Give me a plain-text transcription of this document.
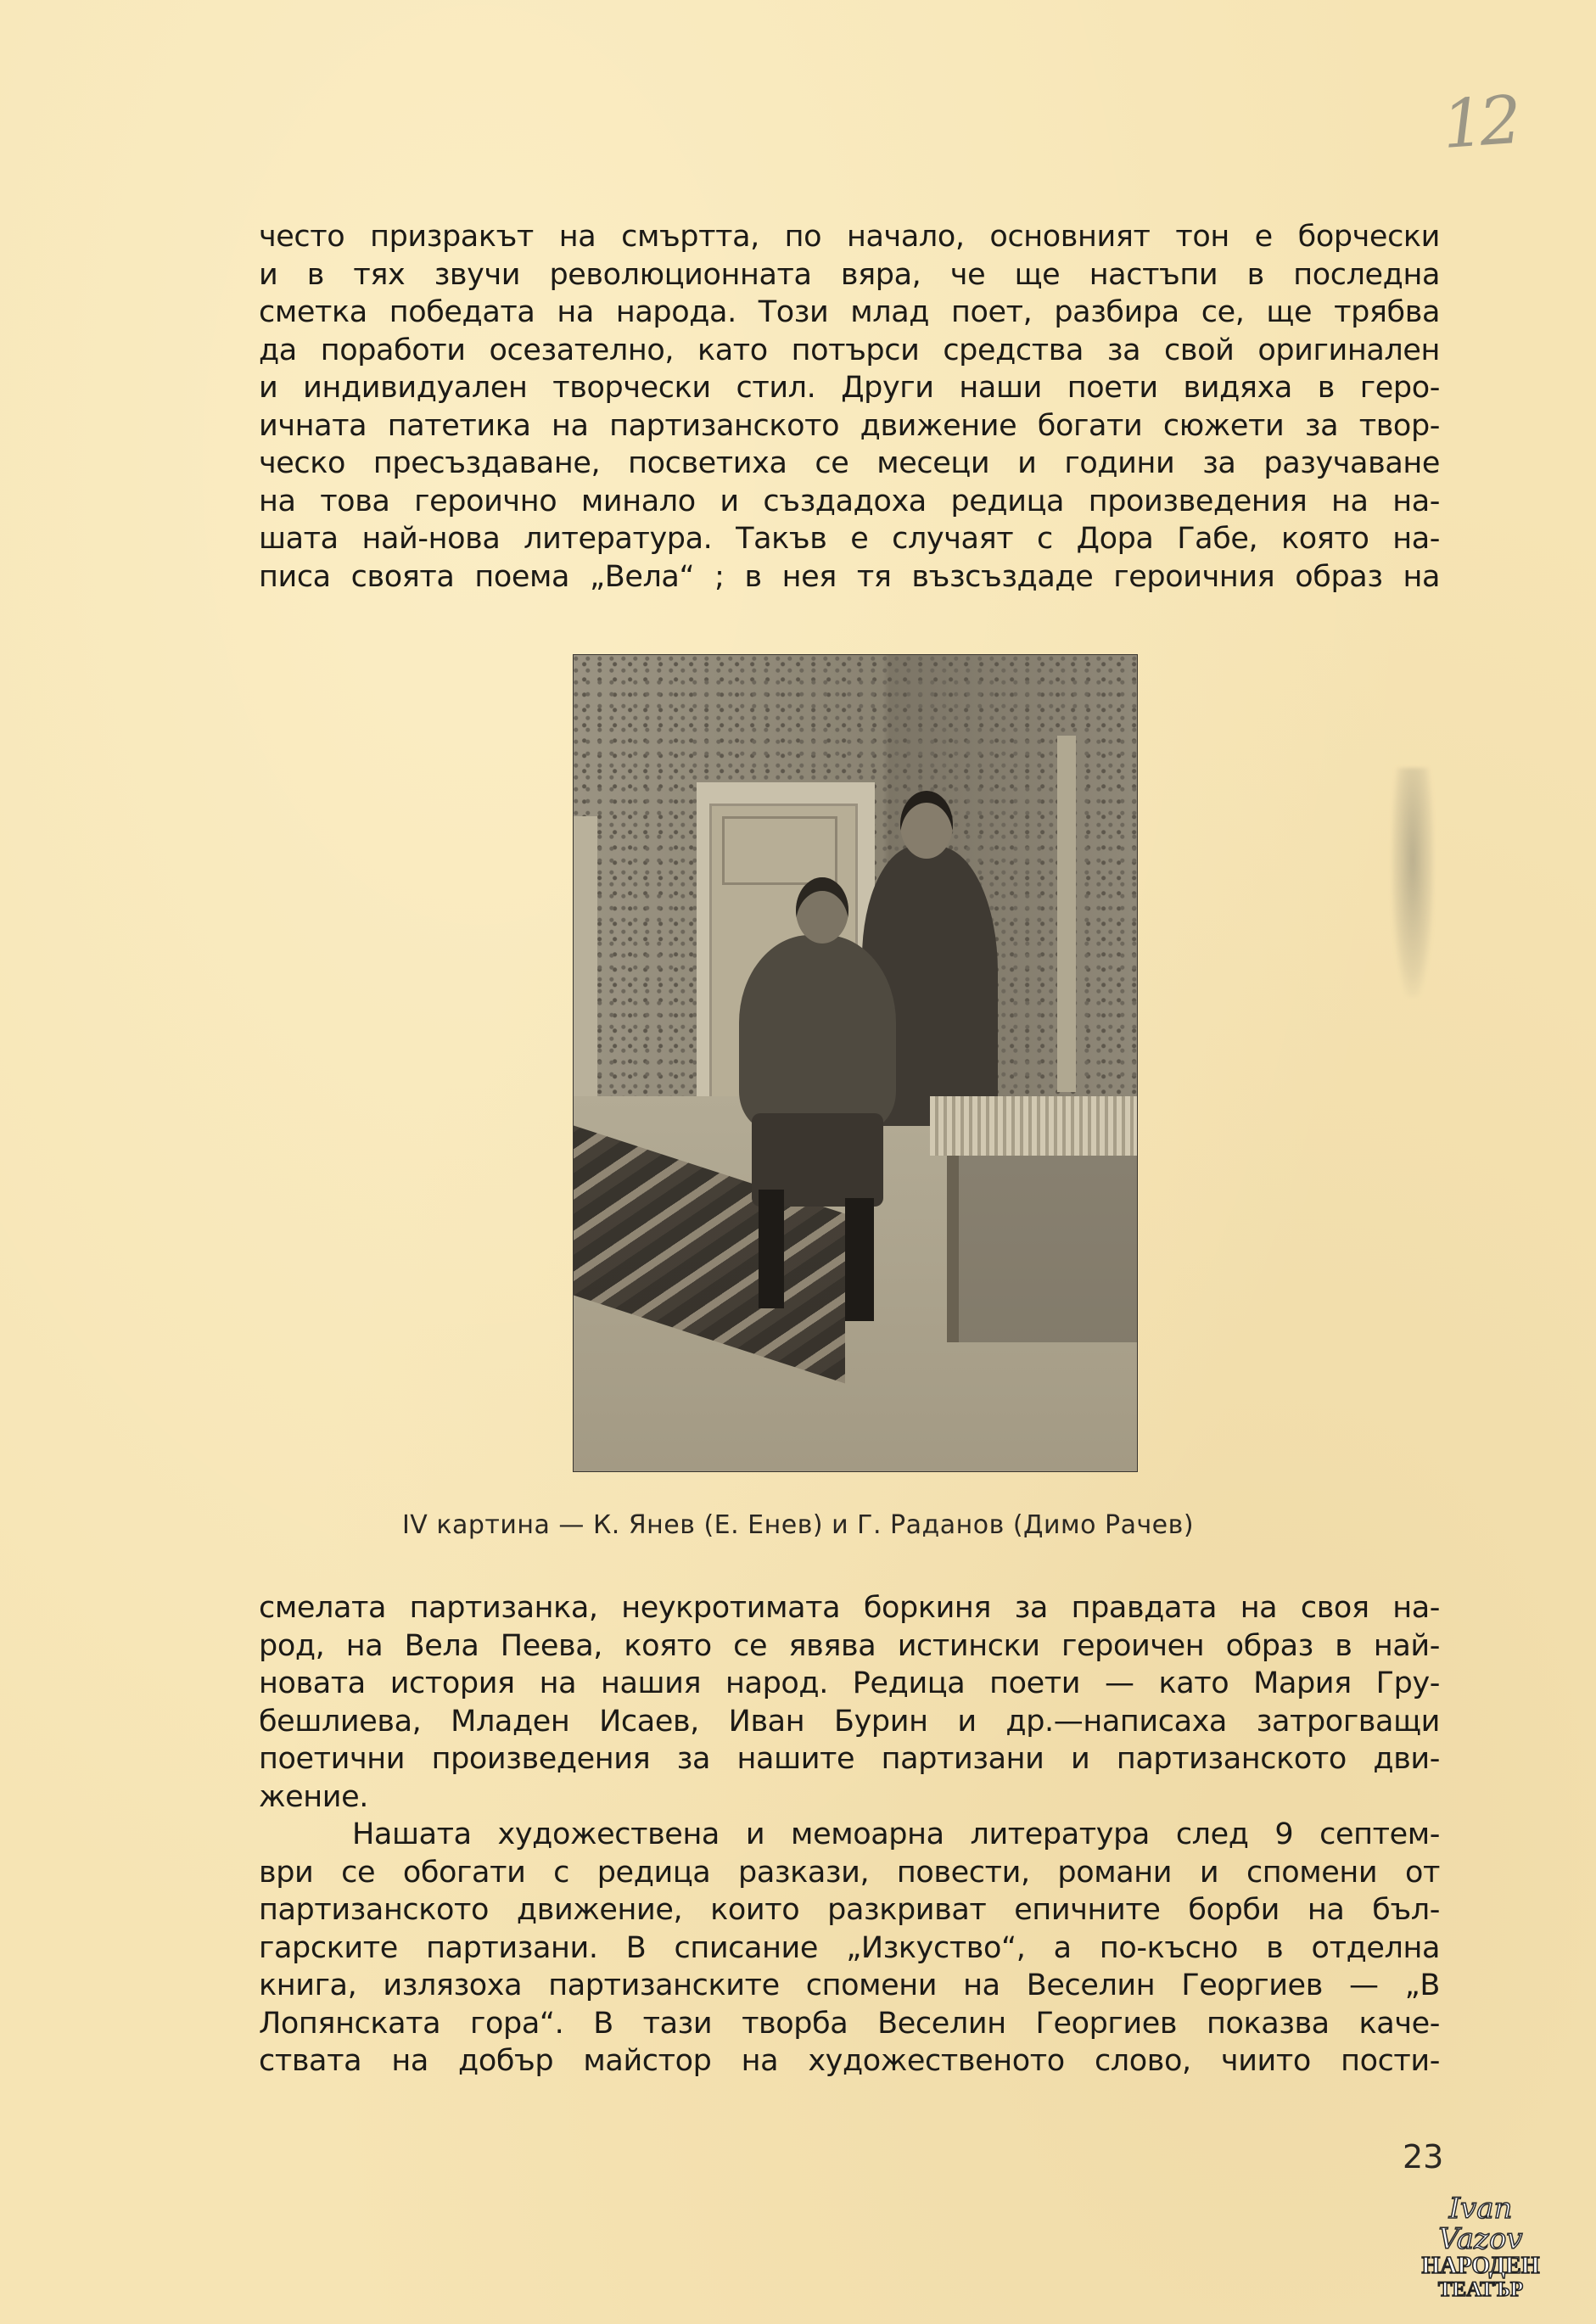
12
често призракът на смъртта, по начало, основният тон е борчески
и в тях звучи революционната вяра, че ще настъпи в последна
сметка победата на народа. Този млад поет, разбира се, ще трябва
да поработи осезателно, като потърси средства за свой оригинален
и индивидуален творчески стил. Други наши поети видяха в геро-
ичната патетика на партизанското движение богати сюжети за твор-
ческо пресъздаване, посветиха се месеци и години за разучаване
на това героично минало и създадоха редица произведения на на-
шата най-нова литература. Такъв е случаят с Дора Габе, която на-
писа своята поема „Вела“ ; в нея тя възсъздаде героичния образ на
IV картина — К. Янев (Е. Енев) и Г. Раданов (Димо Рачев)
смелата партизанка, неукротимата боркиня за правдата на своя на-
род, на Вела Пеева, която се явява истински героичен образ в най-
новата история на нашия народ. Редица поети — като Мария Гру-
бешлиева, Младен Исаев, Иван Бурин и др.—написаха затрогващи
поетични произведения за нашите партизани и партизанското дви-
жение.
Нашата художествена и мемоарна литература след 9 септем-
ври се обогати с редица разкази, повести, романи и спомени от
партизанското движение, които разкриват епичните борби на бъл-
гарските партизани. В списание „Изкуство“, а по-късно в отделна
книга, излязоха партизанските спомени на Веселин Георгиев — „В
Лопянската гора“. В тази творба Веселин Георгиев показва каче-
ствата на добър майстор на художественото слово, чиито пости-
23
Ivan Vazov
НАРОДЕН
ТЕАТЪР
